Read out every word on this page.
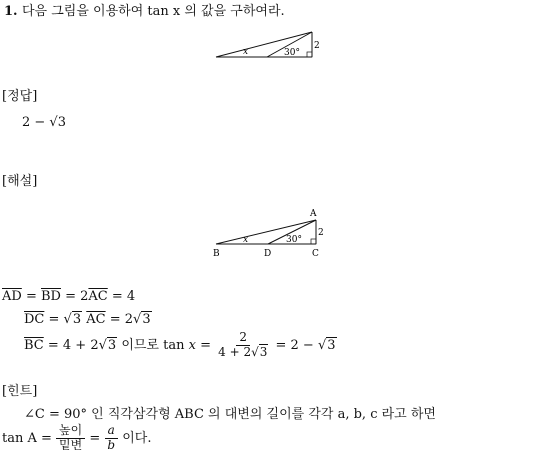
1. 다음 그림을 이용하여 tan x 의 값을 구하여라.
x	30°
2
[정답]
2 − √3
[해설]
A
B	C
D
x	30°
2
$\overline{AD} = \overline{BD} = 2\overline{AC} = 4$
$\overline{DC} = √3$ $\overline{AC} = 2√3$
$\overline{BC} = 4 + 2√3$ 이므로 $\tan x = \frac{2}{4 + 2√3} = 2 - √3$
[힌트]
∠C = 90° 인 직각삼각형 ABC 의 대변의 길이를 각각 a, b, c 라고 하면
tan A =
$\frac{\text{높이}}{\text{밑변}} = \frac{a}{b}$
이다.
